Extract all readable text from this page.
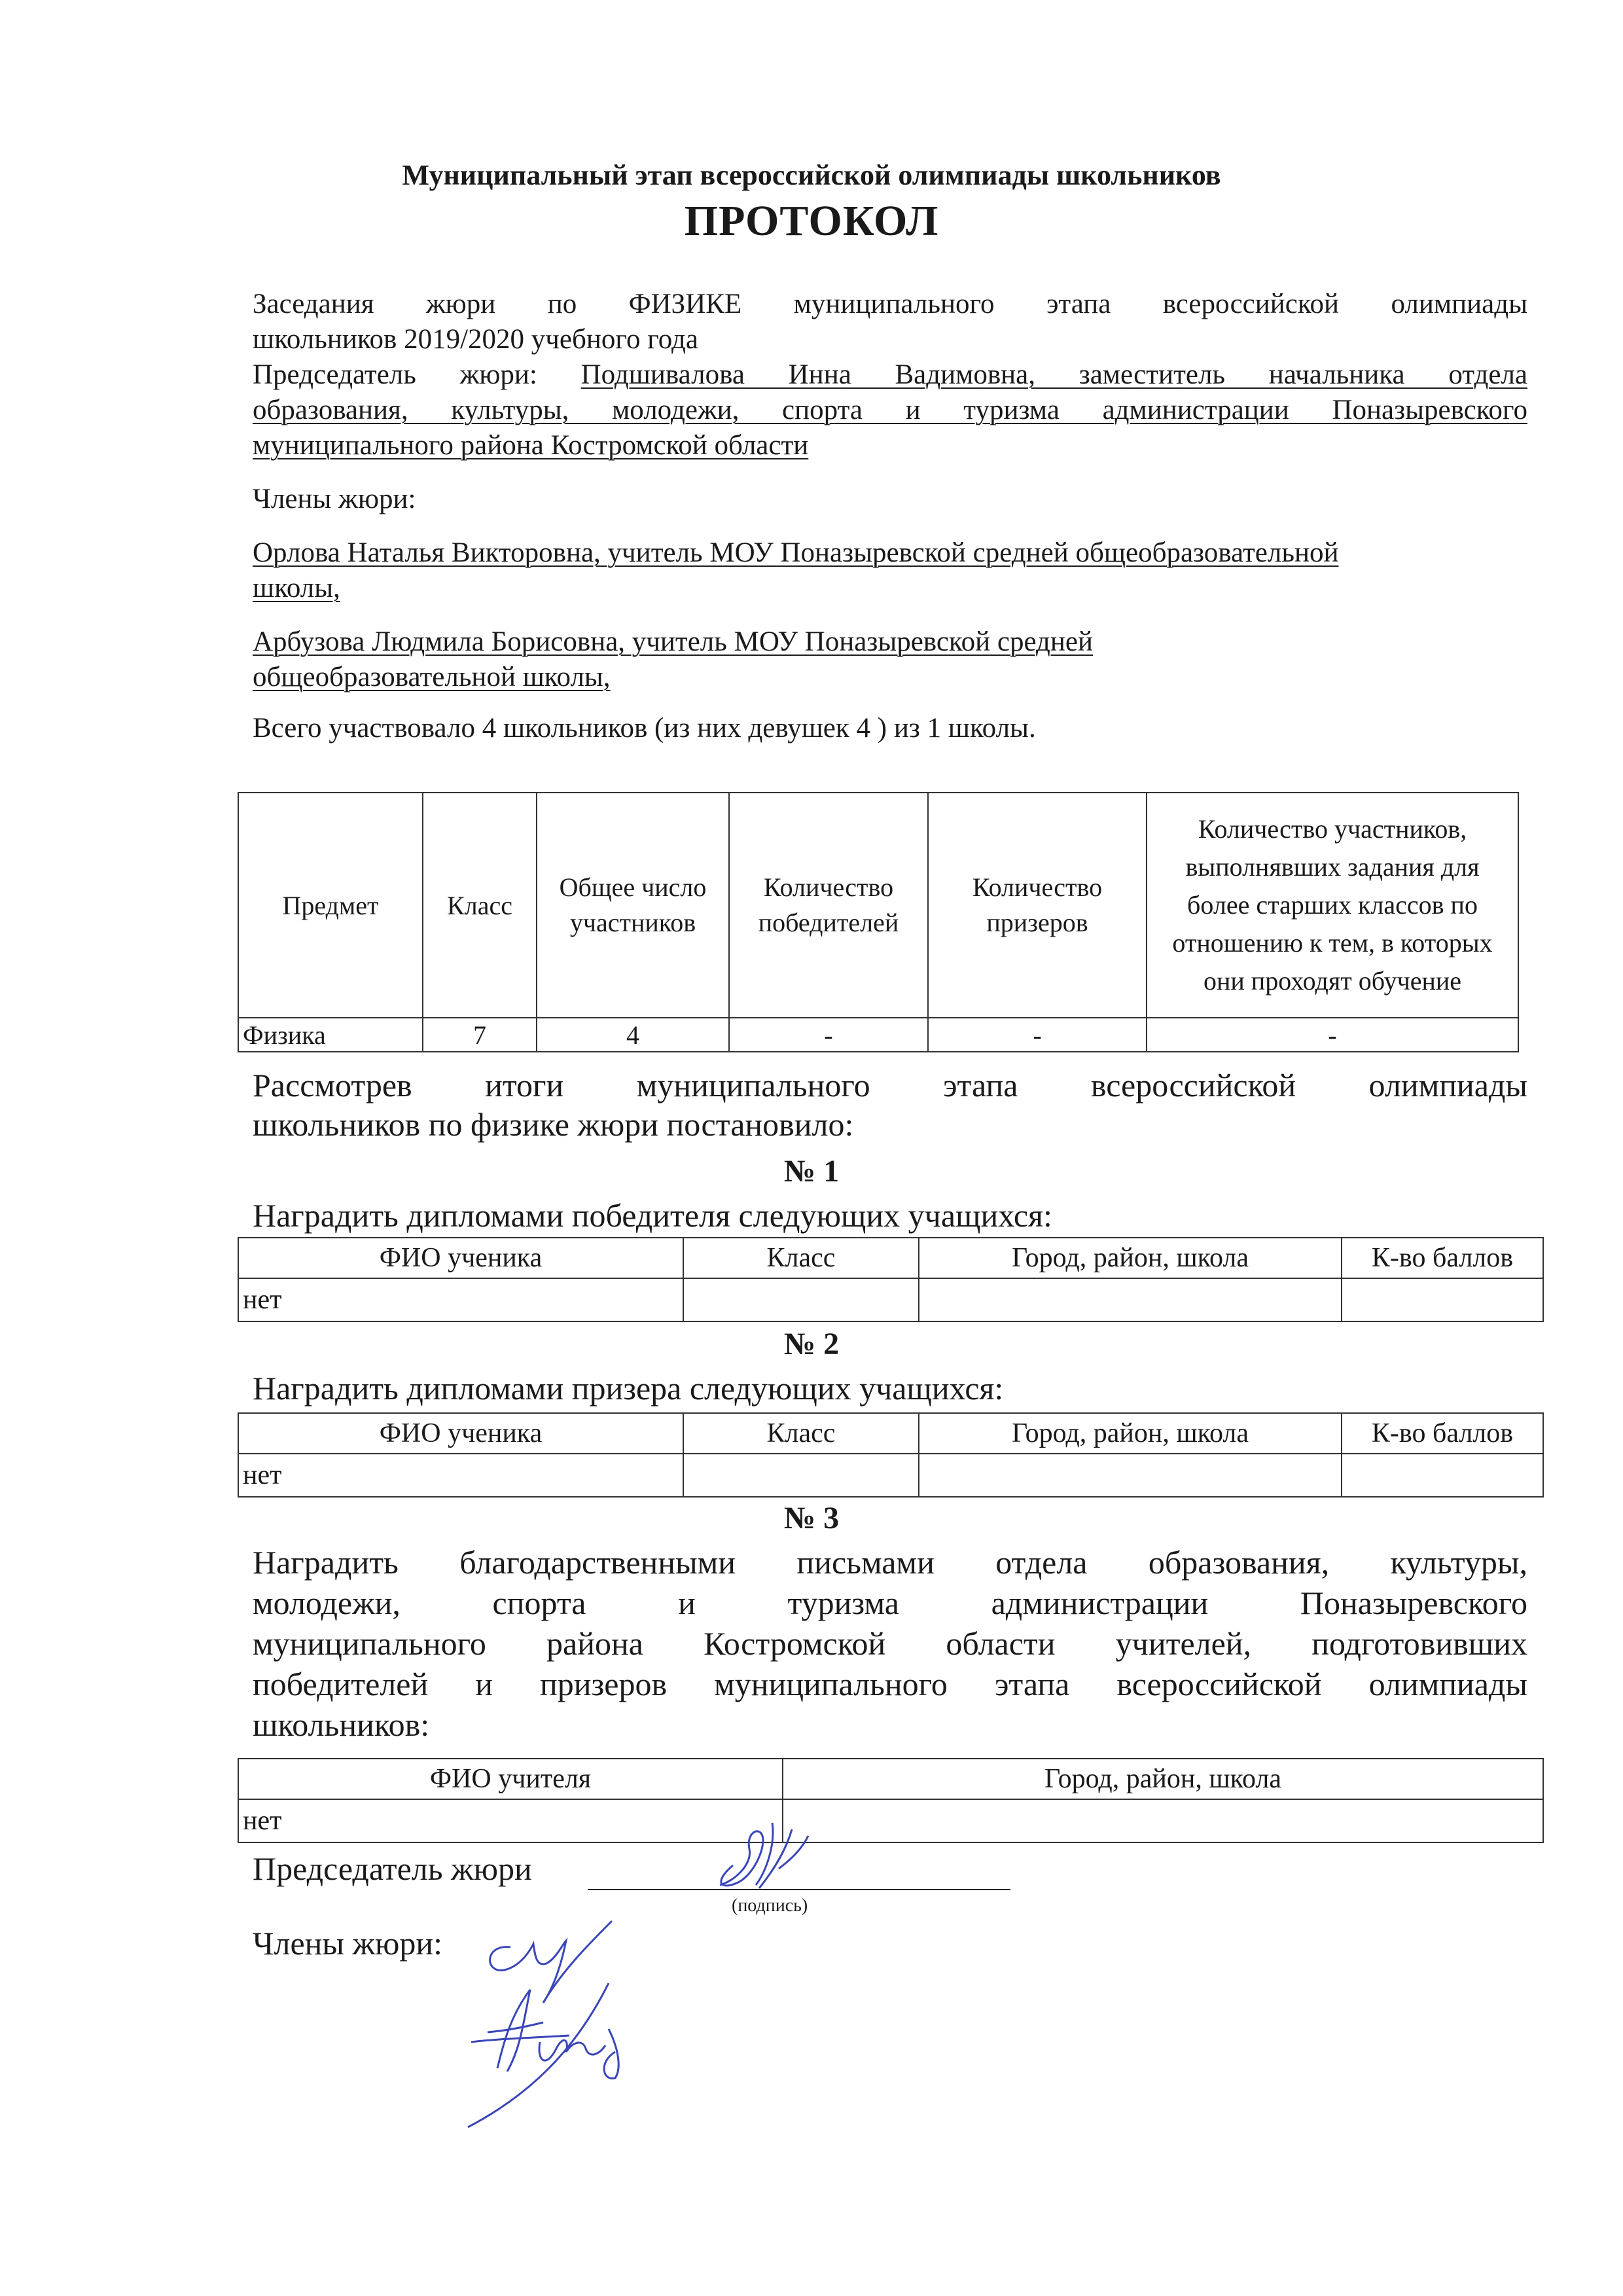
Муниципальный этап всероссийской олимпиады школьников
ПРОТОКОЛ
Заседания жюри по ФИЗИКЕ муниципального этапа всероссийской олимпиады
школьников 2019/2020 учебного года
Председатель жюри: Подшивалова Инна Вадимовна, заместитель начальника отдела
образования, культуры, молодежи, спорта и туризма администрации Поназыревского
муниципального района Костромской области
Члены жюри:
Орлова Наталья Викторовна, учитель МОУ Поназыревской средней общеобразовательной
школы,
Арбузова Людмила Борисовна, учитель МОУ Поназыревской средней
общеобразовательной школы,
Всего участвовало 4 школьников (из них девушек 4 ) из 1 школы.
Предмет	Класс	Общее число участников	Количество победителей	Количество призеров	Количество участников, выполнявших задания для более старших классов по отношению к тем, в которых они проходят обучение
Физика	7	4	-	-	-
Рассмотрев итоги муниципального этапа всероссийской олимпиады
школьников по физике жюри постановило:
№ 1
Наградить дипломами победителя следующих учащихся:
ФИО ученика	Класс	Город, район, школа	К-во баллов
нет			
№ 2
Наградить дипломами призера следующих учащихся:
ФИО ученика	Класс	Город, район, школа	К-во баллов
нет			
№ 3
Наградить благодарственными письмами отдела образования, культуры,
молодежи, спорта и туризма администрации Поназыревского
муниципального района Костромской области учителей, подготовивших
победителей и призеров муниципального этапа всероссийской олимпиады
школьников:
ФИО учителя	Город, район, школа
нет	
Председатель жюри
(подпись)
Члены жюри:
